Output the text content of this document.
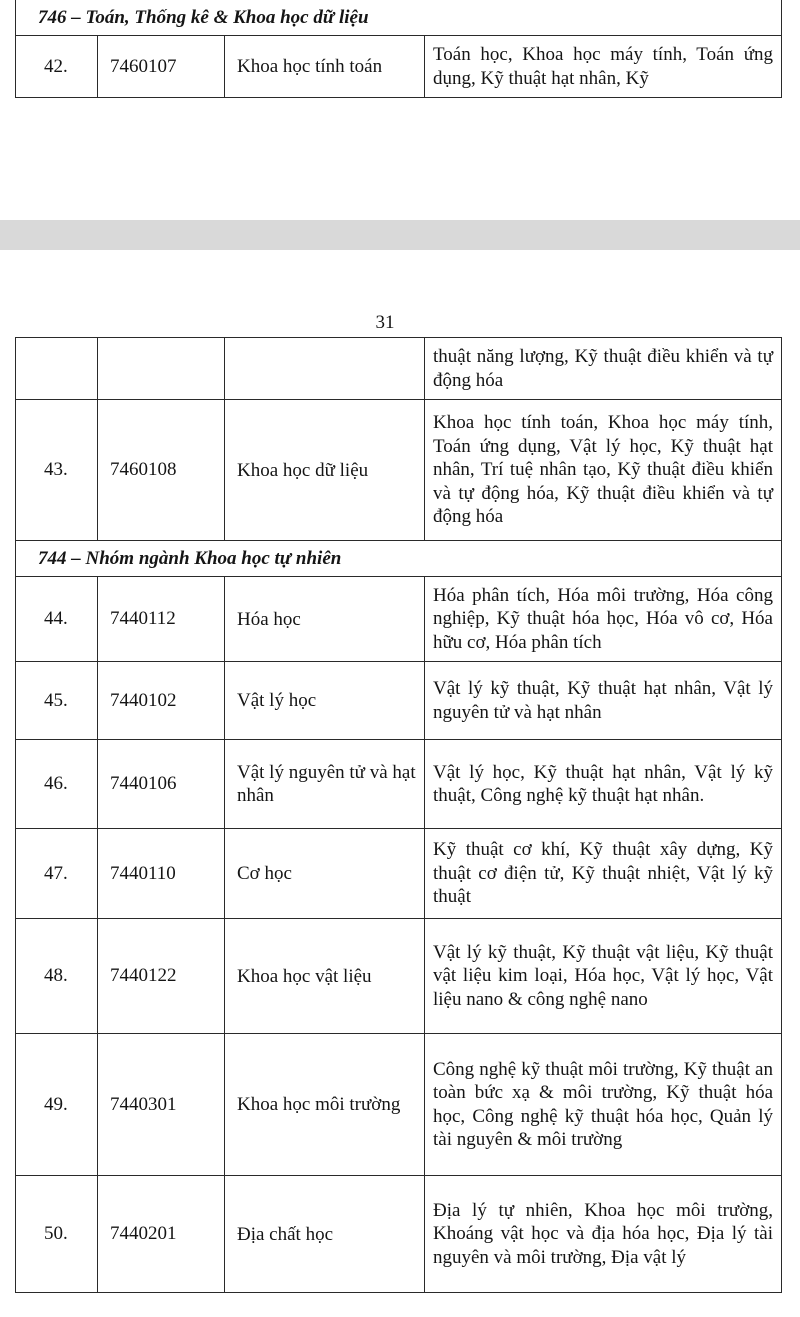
746 – Toán, Thống kê & Khoa học dữ liệu
42.	7460107	Khoa học tính toán	Toán học, Khoa học máy tính, Toán ứng dụng, Kỹ thuật hạt nhân, Kỹ
31
			thuật năng lượng, Kỹ thuật điều khiển và tự động hóa
43.	7460108	Khoa học dữ liệu	Khoa học tính toán, Khoa học máy tính, Toán ứng dụng, Vật lý học, Kỹ thuật hạt nhân, Trí tuệ nhân tạo, Kỹ thuật điều khiển và tự động hóa, Kỹ thuật điều khiển và tự động hóa
744 – Nhóm ngành Khoa học tự nhiên			
44.	7440112	Hóa học	Hóa phân tích, Hóa môi trường, Hóa công nghiệp, Kỹ thuật hóa học, Hóa vô cơ, Hóa hữu cơ, Hóa phân tích
45.	7440102	Vật lý học	Vật lý kỹ thuật, Kỹ thuật hạt nhân, Vật lý nguyên tử và hạt nhân
46.	7440106	Vật lý nguyên tử và hạt nhân	Vật lý học, Kỹ thuật hạt nhân, Vật lý kỹ thuật, Công nghệ kỹ thuật hạt nhân.
47.	7440110	Cơ học	Kỹ thuật cơ khí, Kỹ thuật xây dựng, Kỹ thuật cơ điện tử, Kỹ thuật nhiệt, Vật lý kỹ thuật
48.	7440122	Khoa học vật liệu	Vật lý kỹ thuật, Kỹ thuật vật liệu, Kỹ thuật vật liệu kim loại, Hóa học, Vật lý học, Vật liệu nano & công nghệ nano
49.	7440301	Khoa học môi trường	Công nghệ kỹ thuật môi trường, Kỹ thuật an toàn bức xạ & môi trường, Kỹ thuật hóa học, Công nghệ kỹ thuật hóa học, Quản lý tài nguyên & môi trường
50.	7440201	Địa chất học	Địa lý tự nhiên, Khoa học môi trường, Khoáng vật học và địa hóa học, Địa lý tài nguyên và môi trường, Địa vật lý
